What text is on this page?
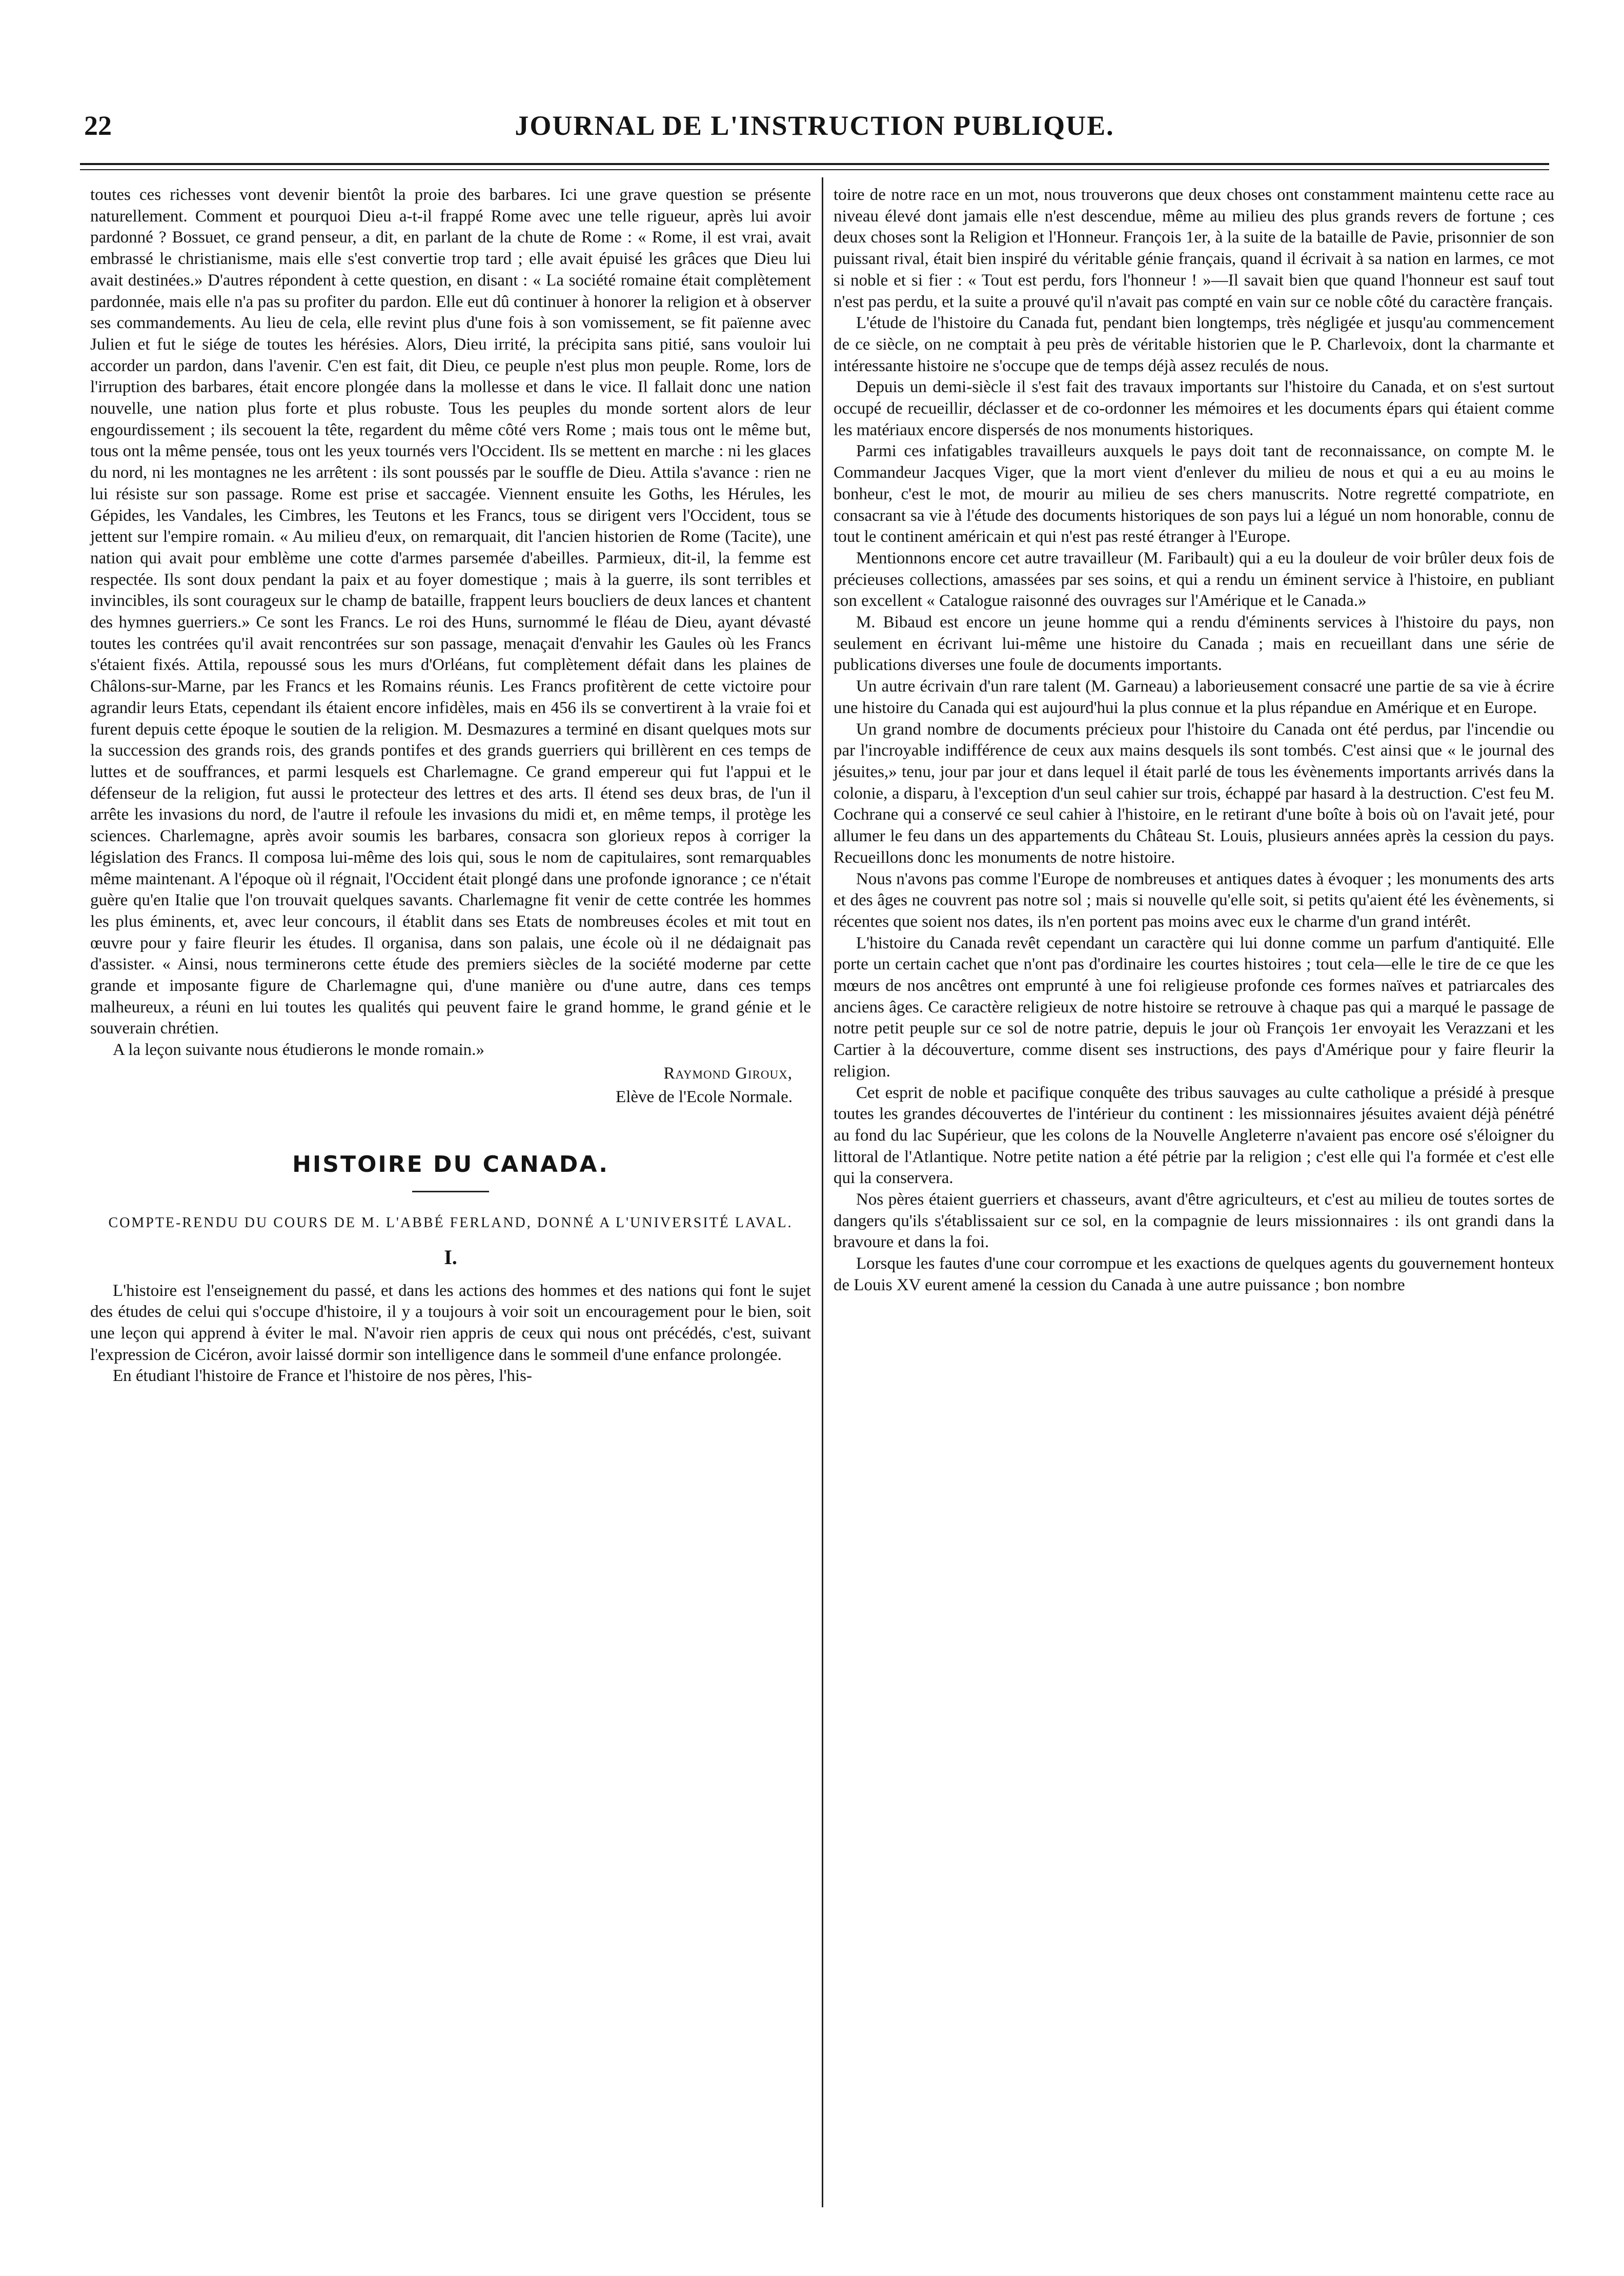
22	JOURNAL DE L'INSTRUCTION PUBLIQUE.

toutes ces richesses vont devenir bientôt la proie des barbares. Ici une grave question se présente naturellement. Comment et pourquoi Dieu a-t-il frappé Rome avec une telle rigueur, après lui avoir pardonné ? Bossuet, ce grand penseur, a dit, en parlant de la chute de Rome : « Rome, il est vrai, avait embrassé le christianisme, mais elle s'est convertie trop tard ; elle avait épuisé les grâces que Dieu lui avait destinées.» D'autres répondent à cette question, en disant : « La société romaine était complètement pardonnée, mais elle n'a pas su profiter du pardon. Elle eut dû continuer à honorer la religion et à observer ses commandements. Au lieu de cela, elle revint plus d'une fois à son vomissement, se fit païenne avec Julien et fut le siége de toutes les hérésies. Alors, Dieu irrité, la précipita sans pitié, sans vouloir lui accorder un pardon, dans l'avenir. C'en est fait, dit Dieu, ce peuple n'est plus mon peuple. Rome, lors de l'irruption des barbares, était encore plongée dans la mollesse et dans le vice. Il fallait donc une nation nouvelle, une nation plus forte et plus robuste. Tous les peuples du monde sortent alors de leur engourdissement ; ils secouent la tête, regardent du même côté vers Rome ; mais tous ont le même but, tous ont la même pensée, tous ont les yeux tournés vers l'Occident. Ils se mettent en marche : ni les glaces du nord, ni les montagnes ne les arrêtent : ils sont poussés par le souffle de Dieu. Attila s'avance : rien ne lui résiste sur son passage. Rome est prise et saccagée. Viennent ensuite les Goths, les Hérules, les Gépides, les Vandales, les Cimbres, les Teutons et les Francs, tous se dirigent vers l'Occident, tous se jettent sur l'empire romain. « Au milieu d'eux, on remarquait, dit l'ancien historien de Rome (Tacite), une nation qui avait pour emblème une cotte d'armes parsemée d'abeilles. Parmieux, dit-il, la femme est respectée. Ils sont doux pendant la paix et au foyer domestique ; mais à la guerre, ils sont terribles et invincibles, ils sont courageux sur le champ de bataille, frappent leurs boucliers de deux lances et chantent des hymnes guerriers.» Ce sont les Francs. Le roi des Huns, surnommé le fléau de Dieu, ayant dévasté toutes les contrées qu'il avait rencontrées sur son passage, menaçait d'envahir les Gaules où les Francs s'étaient fixés. Attila, repoussé sous les murs d'Orléans, fut complètement défait dans les plaines de Châlons-sur-Marne, par les Francs et les Romains réunis. Les Francs profitèrent de cette victoire pour agrandir leurs Etats, cependant ils étaient encore infidèles, mais en 456 ils se convertirent à la vraie foi et furent depuis cette époque le soutien de la religion. M. Desmazures a terminé en disant quelques mots sur la succession des grands rois, des grands pontifes et des grands guerriers qui brillèrent en ces temps de luttes et de souffrances, et parmi lesquels est Charlemagne. Ce grand empereur qui fut l'appui et le défenseur de la religion, fut aussi le protecteur des lettres et des arts. Il étend ses deux bras, de l'un il arrête les invasions du nord, de l'autre il refoule les invasions du midi et, en même temps, il protège les sciences. Charlemagne, après avoir soumis les barbares, consacra son glorieux repos à corriger la législation des Francs. Il composa lui-même des lois qui, sous le nom de capitulaires, sont remarquables même maintenant. A l'époque où il régnait, l'Occident était plongé dans une profonde ignorance ; ce n'était guère qu'en Italie que l'on trouvait quelques savants. Charlemagne fit venir de cette contrée les hommes les plus éminents, et, avec leur concours, il établit dans ses Etats de nombreuses écoles et mit tout en œuvre pour y faire fleurir les études. Il organisa, dans son palais, une école où il ne dédaignait pas d'assister. « Ainsi, nous terminerons cette étude des premiers siècles de la société moderne par cette grande et imposante figure de Charlemagne qui, d'une manière ou d'une autre, dans ces temps malheureux, a réuni en lui toutes les qualités qui peuvent faire le grand homme, le grand génie et le souverain chrétien.

A la leçon suivante nous étudierons le monde romain.»

Raymond Giroux,
Elève de l'Ecole Normale.
HISTOIRE DU CANADA.
COMPTE-RENDU DU COURS DE M. L'ABBÉ FERLAND, DONNÉ A L'UNIVERSITÉ LAVAL.
I.

L'histoire est l'enseignement du passé, et dans les actions des hommes et des nations qui font le sujet des études de celui qui s'occupe d'histoire, il y a toujours à voir soit un encouragement pour le bien, soit une leçon qui apprend à éviter le mal. N'avoir rien appris de ceux qui nous ont précédés, c'est, suivant l'expression de Cicéron, avoir laissé dormir son intelligence dans le sommeil d'une enfance prolongée.

En étudiant l'histoire de France et l'histoire de nos pères, l'his-

toire de notre race en un mot, nous trouverons que deux choses ont constamment maintenu cette race au niveau élevé dont jamais elle n'est descendue, même au milieu des plus grands revers de fortune ; ces deux choses sont la Religion et l'Honneur. François 1er, à la suite de la bataille de Pavie, prisonnier de son puissant rival, était bien inspiré du véritable génie français, quand il écrivait à sa nation en larmes, ce mot si noble et si fier : « Tout est perdu, fors l'honneur ! »—Il savait bien que quand l'honneur est sauf tout n'est pas perdu, et la suite a prouvé qu'il n'avait pas compté en vain sur ce noble côté du caractère français.

L'étude de l'histoire du Canada fut, pendant bien longtemps, très négligée et jusqu'au commencement de ce siècle, on ne comptait à peu près de véritable historien que le P. Charlevoix, dont la charmante et intéressante histoire ne s'occupe que de temps déjà assez reculés de nous.

Depuis un demi-siècle il s'est fait des travaux importants sur l'histoire du Canada, et on s'est surtout occupé de recueillir, déclasser et de co-ordonner les mémoires et les documents épars qui étaient comme les matériaux encore dispersés de nos monuments historiques.

Parmi ces infatigables travailleurs auxquels le pays doit tant de reconnaissance, on compte M. le Commandeur Jacques Viger, que la mort vient d'enlever du milieu de nous et qui a eu au moins le bonheur, c'est le mot, de mourir au milieu de ses chers manuscrits. Notre regretté compatriote, en consacrant sa vie à l'étude des documents historiques de son pays lui a légué un nom honorable, connu de tout le continent américain et qui n'est pas resté étranger à l'Europe.

Mentionnons encore cet autre travailleur (M. Faribault) qui a eu la douleur de voir brûler deux fois de précieuses collections, amassées par ses soins, et qui a rendu un éminent service à l'histoire, en publiant son excellent « Catalogue raisonné des ouvrages sur l'Amérique et le Canada.»

M. Bibaud est encore un jeune homme qui a rendu d'éminents services à l'histoire du pays, non seulement en écrivant lui-même une histoire du Canada ; mais en recueillant dans une série de publications diverses une foule de documents importants.

Un autre écrivain d'un rare talent (M. Garneau) a laborieusement consacré une partie de sa vie à écrire une histoire du Canada qui est aujourd'hui la plus connue et la plus répandue en Amérique et en Europe.

Un grand nombre de documents précieux pour l'histoire du Canada ont été perdus, par l'incendie ou par l'incroyable indifférence de ceux aux mains desquels ils sont tombés. C'est ainsi que « le journal des jésuites,» tenu, jour par jour et dans lequel il était parlé de tous les évènements importants arrivés dans la colonie, a disparu, à l'exception d'un seul cahier sur trois, échappé par hasard à la destruction. C'est feu M. Cochrane qui a conservé ce seul cahier à l'histoire, en le retirant d'une boîte à bois où on l'avait jeté, pour allumer le feu dans un des appartements du Château St. Louis, plusieurs années après la cession du pays. Recueillons donc les monuments de notre histoire.

Nous n'avons pas comme l'Europe de nombreuses et antiques dates à évoquer ; les monuments des arts et des âges ne couvrent pas notre sol ; mais si nouvelle qu'elle soit, si petits qu'aient été les évènements, si récentes que soient nos dates, ils n'en portent pas moins avec eux le charme d'un grand intérêt.

L'histoire du Canada revêt cependant un caractère qui lui donne comme un parfum d'antiquité. Elle porte un certain cachet que n'ont pas d'ordinaire les courtes histoires ; tout cela—elle le tire de ce que les mœurs de nos ancêtres ont emprunté à une foi religieuse profonde ces formes naïves et patriarcales des anciens âges. Ce caractère religieux de notre histoire se retrouve à chaque pas qui a marqué le passage de notre petit peuple sur ce sol de notre patrie, depuis le jour où François 1er envoyait les Verazzani et les Cartier à la découverture, comme disent ses instructions, des pays d'Amérique pour y faire fleurir la religion.

Cet esprit de noble et pacifique conquête des tribus sauvages au culte catholique a présidé à presque toutes les grandes découvertes de l'intérieur du continent : les missionnaires jésuites avaient déjà pénétré au fond du lac Supérieur, que les colons de la Nouvelle Angleterre n'avaient pas encore osé s'éloigner du littoral de l'Atlantique. Notre petite nation a été pétrie par la religion ; c'est elle qui l'a formée et c'est elle qui la conservera.

Nos pères étaient guerriers et chasseurs, avant d'être agriculteurs, et c'est au milieu de toutes sortes de dangers qu'ils s'établissaient sur ce sol, en la compagnie de leurs missionnaires : ils ont grandi dans la bravoure et dans la foi.

Lorsque les fautes d'une cour corrompue et les exactions de quelques agents du gouvernement honteux de Louis XV eurent amené la cession du Canada à une autre puissance ; bon nombre
